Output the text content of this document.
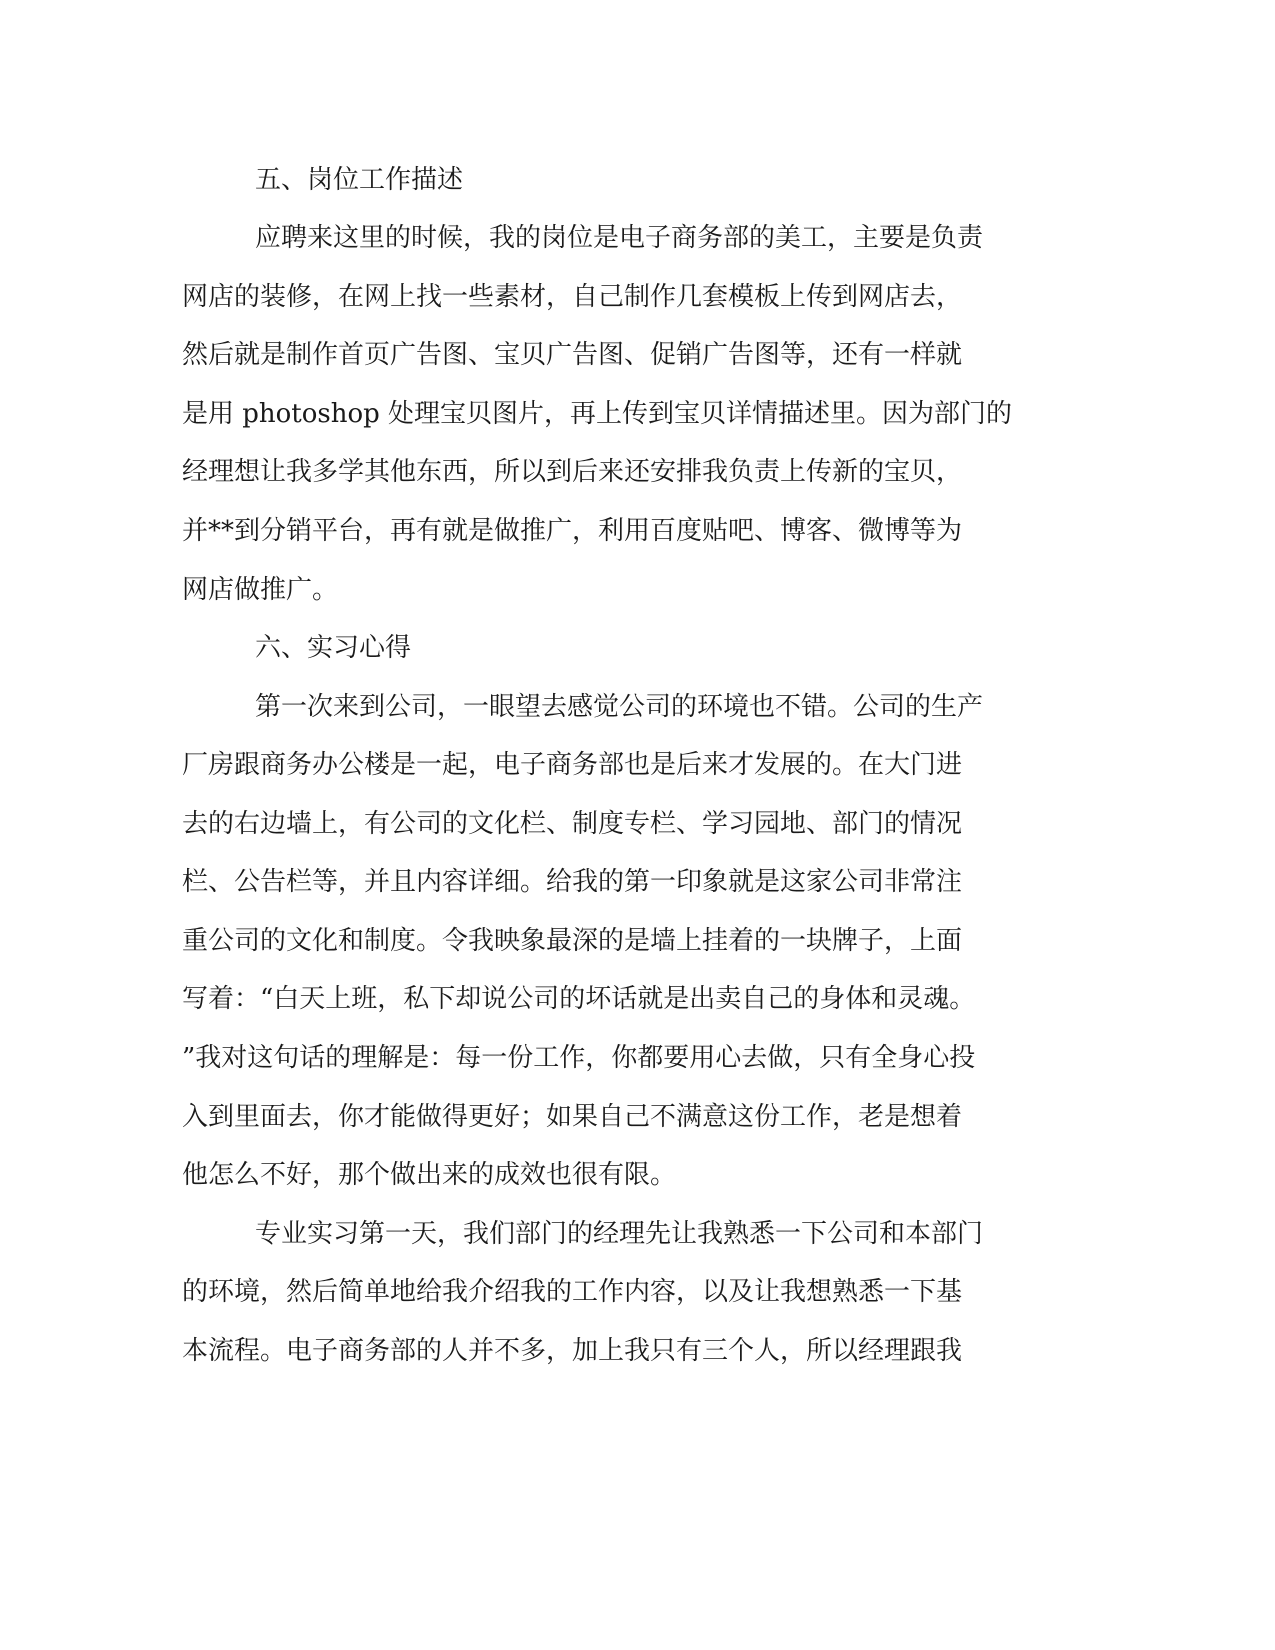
五、岗位工作描述
应聘来这里的时候，我的岗位是电子商务部的美工，主要是负责
网店的装修，在网上找一些素材，自己制作几套模板上传到网店去，
然后就是制作首页广告图、宝贝广告图、促销广告图等，还有一样就
是用 photoshop 处理宝贝图片，再上传到宝贝详情描述里。因为部门的
经理想让我多学其他东西，所以到后来还安排我负责上传新的宝贝，
并**到分销平台，再有就是做推广，利用百度贴吧、博客、微博等为
网店做推广。
六、实习心得
第一次来到公司，一眼望去感觉公司的环境也不错。公司的生产
厂房跟商务办公楼是一起，电子商务部也是后来才发展的。在大门进
去的右边墙上，有公司的文化栏、制度专栏、学习园地、部门的情况
栏、公告栏等，并且内容详细。给我的第一印象就是这家公司非常注
重公司的文化和制度。令我映象最深的是墙上挂着的一块牌子，上面
写着：“白天上班，私下却说公司的坏话就是出卖自己的身体和灵魂。
”我对这句话的理解是：每一份工作，你都要用心去做，只有全身心投
入到里面去，你才能做得更好；如果自己不满意这份工作，老是想着
他怎么不好，那个做出来的成效也很有限。
专业实习第一天，我们部门的经理先让我熟悉一下公司和本部门
的环境，然后简单地给我介绍我的工作内容，以及让我想熟悉一下基
本流程。电子商务部的人并不多，加上我只有三个人，所以经理跟我
